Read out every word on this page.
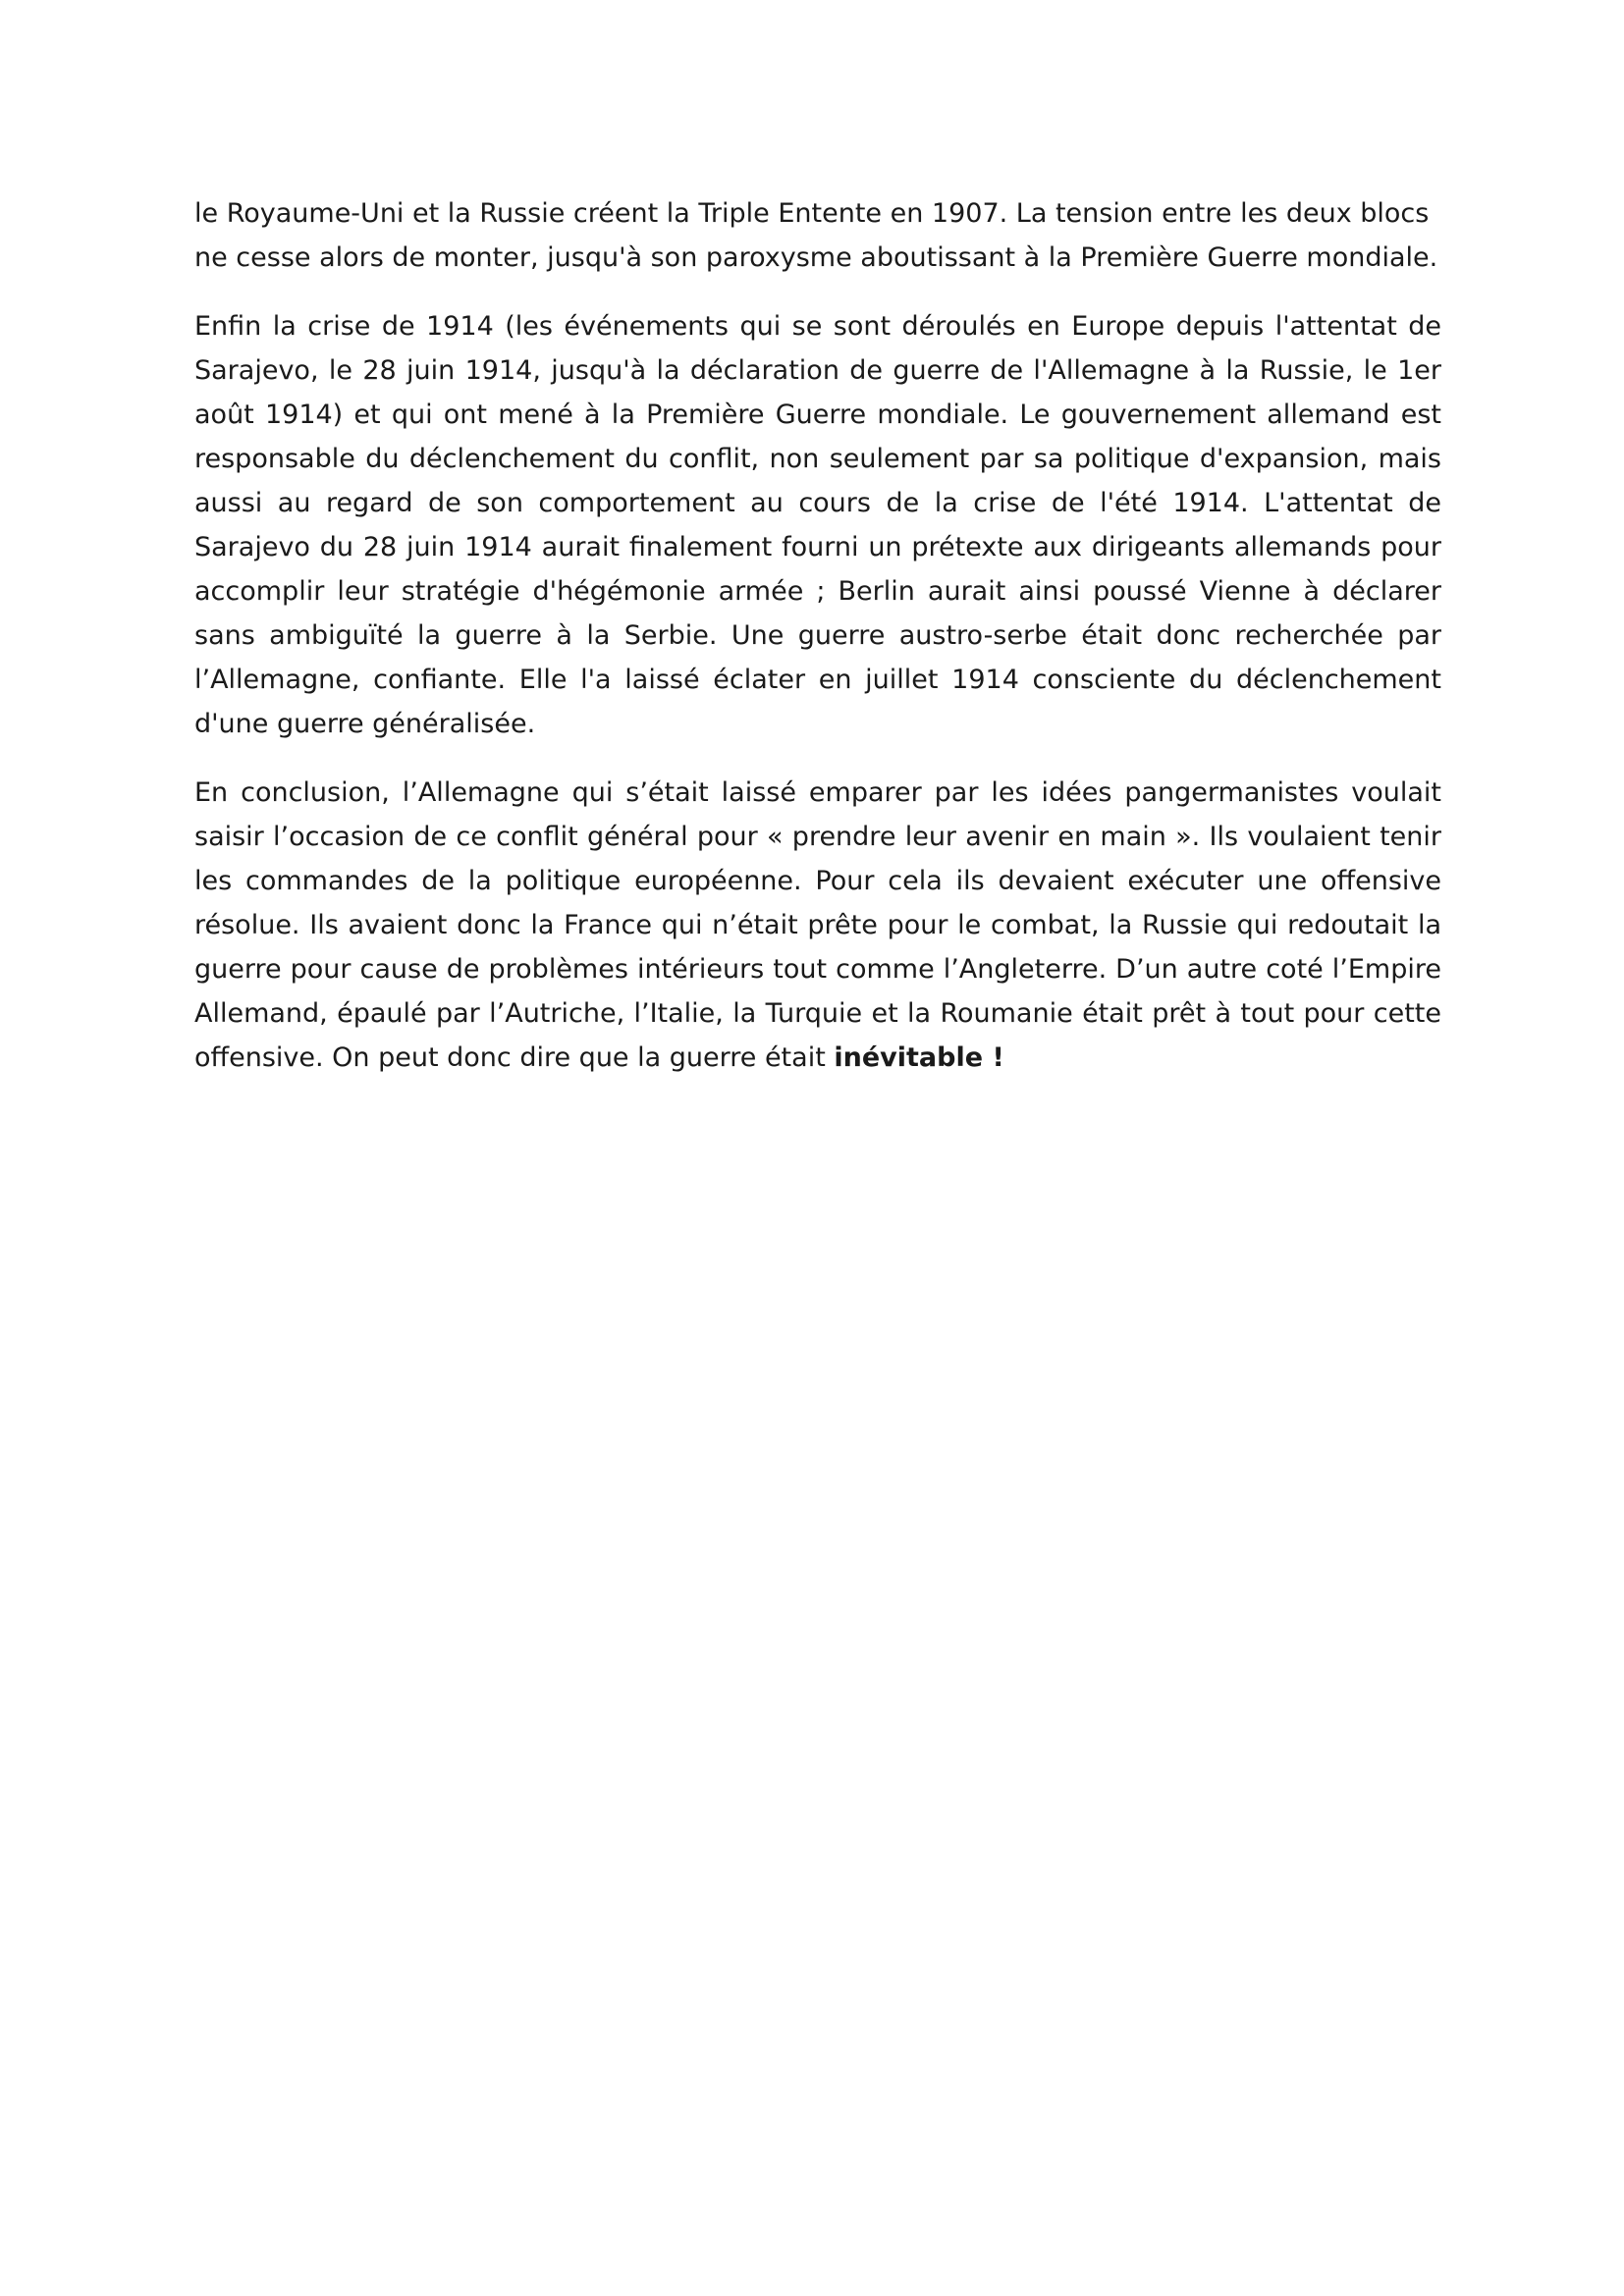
le Royaume-Uni et la Russie créent la Triple Entente en 1907. La tension entre les deux blocs ne cesse alors de monter, jusqu'à son paroxysme aboutissant à la Première Guerre mondiale.

Enfin la crise de 1914 (les événements qui se sont déroulés en Europe depuis l'attentat de Sarajevo, le 28 juin 1914, jusqu'à la déclaration de guerre de l'Allemagne à la Russie, le 1er août 1914) et qui ont mené à la Première Guerre mondiale. Le gouvernement allemand est responsable du déclenchement du conflit, non seulement par sa politique d'expansion, mais aussi au regard de son comportement au cours de la crise de l'été 1914. L'attentat de Sarajevo du 28 juin 1914 aurait finalement fourni un prétexte aux dirigeants allemands pour accomplir leur stratégie d'hégémonie armée ; Berlin aurait ainsi poussé Vienne à déclarer sans ambiguïté la guerre à la Serbie. Une guerre austro-serbe était donc recherchée par l’Allemagne, confiante. Elle l'a laissé éclater en juillet 1914 consciente du déclenchement d'une guerre généralisée.

En conclusion, l’Allemagne qui s’était laissé emparer par les idées pangermanistes voulait saisir l’occasion de ce conflit général pour « prendre leur avenir en main ». Ils voulaient tenir les commandes de la politique européenne. Pour cela ils devaient exécuter une offensive résolue. Ils avaient donc la France qui n’était prête pour le combat, la Russie qui redoutait la guerre pour cause de problèmes intérieurs tout comme l’Angleterre. D’un autre coté l’Empire Allemand, épaulé par l’Autriche, l’Italie, la Turquie et la Roumanie était prêt à tout pour cette offensive. On peut donc dire que la guerre était inévitable !
